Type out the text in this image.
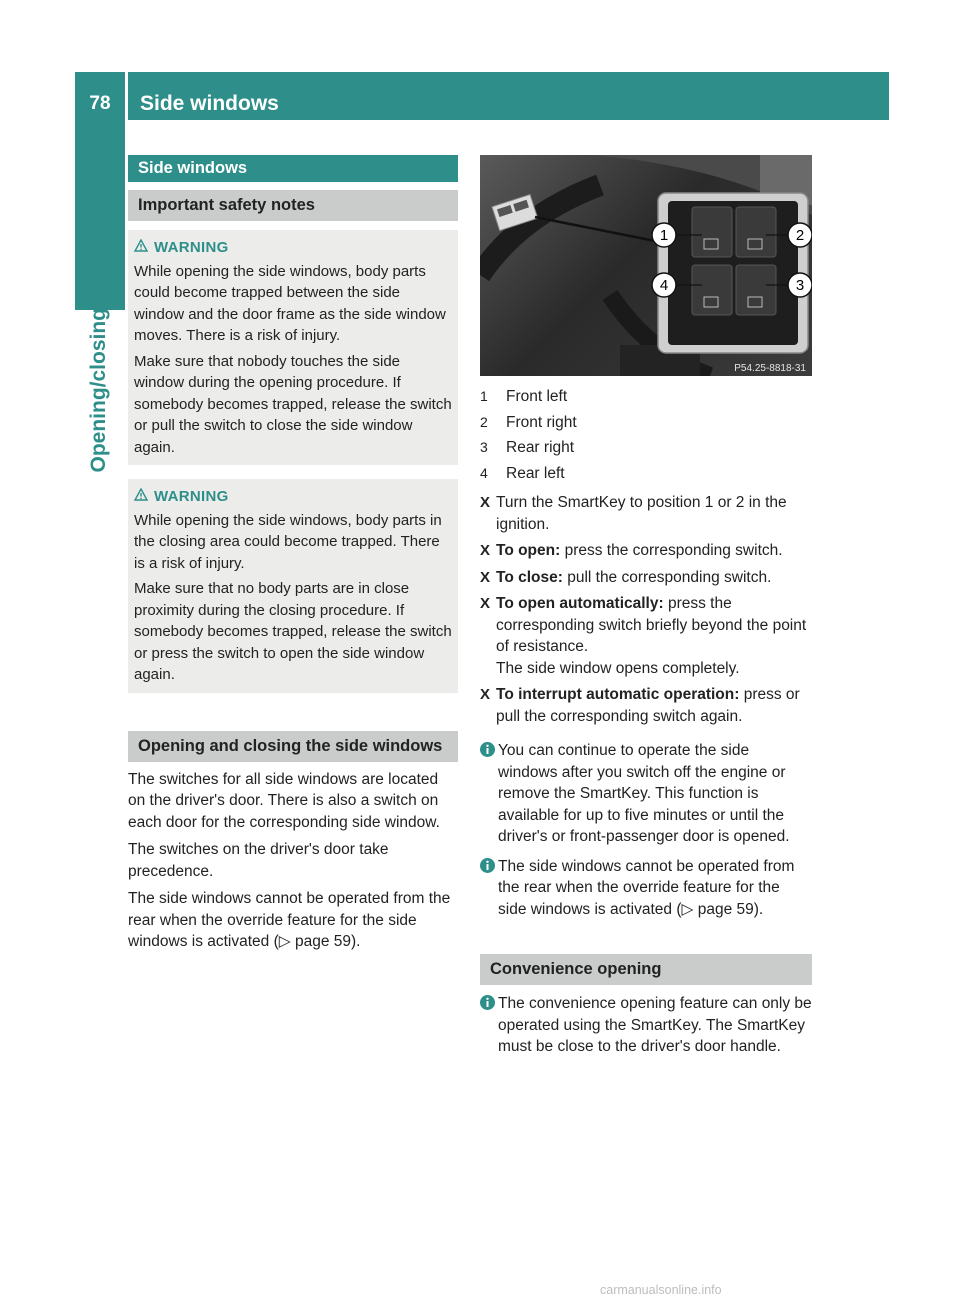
78	Side windows
Opening/closing
Side windows
Important safety notes
WARNING

While opening the side windows, body parts could become trapped between the side window and the door frame as the side window moves. There is a risk of injury.

Make sure that nobody touches the side window during the opening procedure. If somebody becomes trapped, release the switch or pull the switch to close the side window again.

WARNING

While opening the side windows, body parts in the closing area could become trapped. There is a risk of injury.

Make sure that no body parts are in close proximity during the closing procedure. If somebody becomes trapped, release the switch or press the switch to open the side window again.

Opening and closing the side windows

The switches for all side windows are located on the driver's door. There is also a switch on each door for the corresponding side window.

The switches on the driver's door take precedence.

The side windows cannot be operated from the rear when the override feature for the side windows is activated (▷ page 59).

1	2
3
4
P54.25-8818-31
1	Front left
2	Front right
3	Rear right
4	Rear left
X Turn the SmartKey to position 1 or 2 in the ignition.
X To open: press the corresponding switch.
X To close: pull the corresponding switch.
X To open automatically: press the corresponding switch briefly beyond the point of resistance.
The side window opens completely.
X To interrupt automatic operation: press or pull the corresponding switch again.
You can continue to operate the side windows after you switch off the engine or remove the SmartKey. This function is available for up to five minutes or until the driver's or front-passenger door is opened.
The side windows cannot be operated from the rear when the override feature for the side windows is activated (▷ page 59).
Convenience opening
The convenience opening feature can only be operated using the SmartKey. The SmartKey must be close to the driver's door handle.
carmanualsonline.info
